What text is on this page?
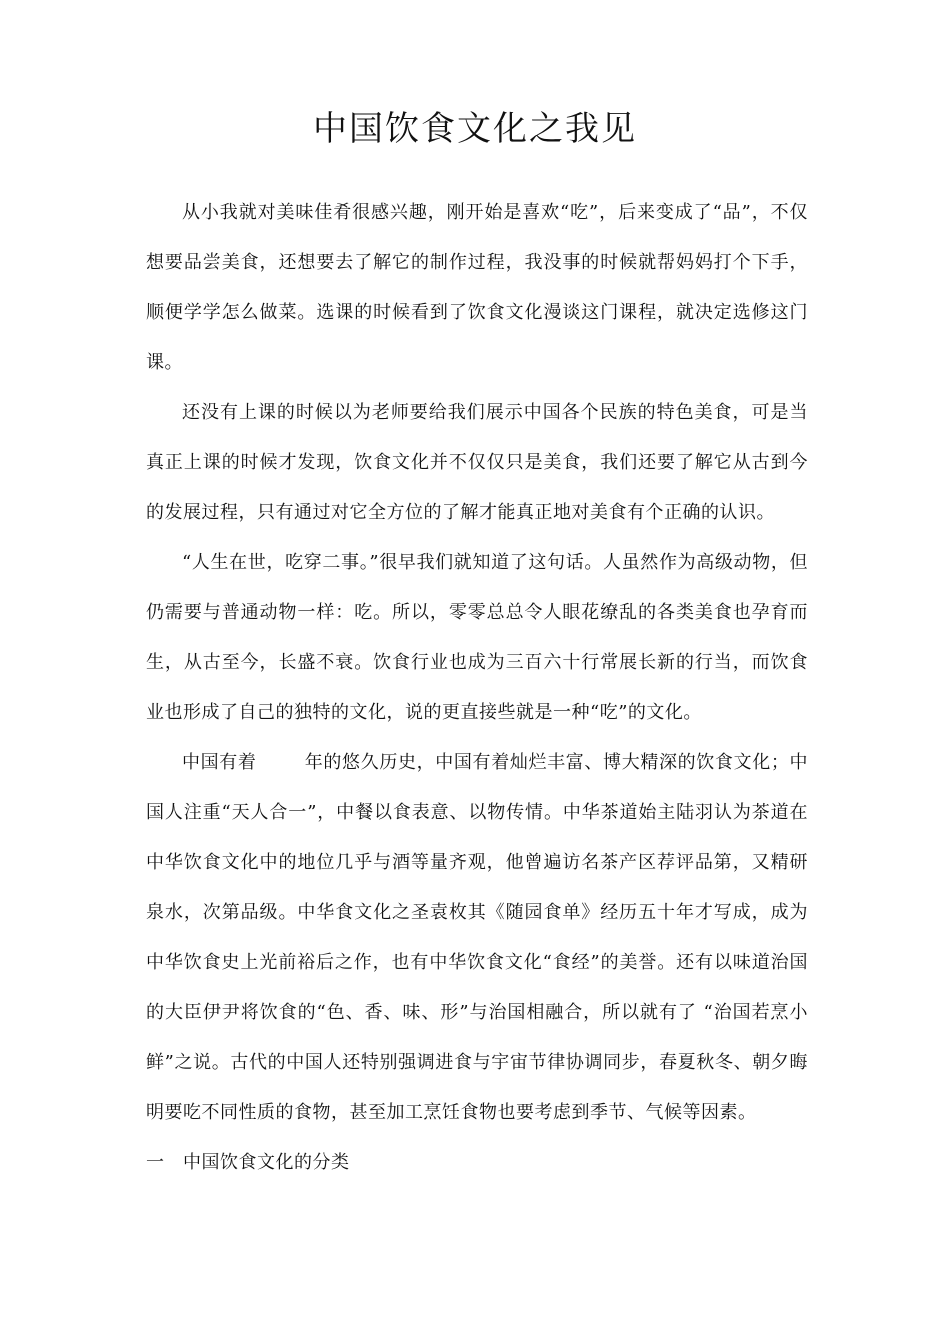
中国饮食文化之我见

从小我就对美味佳肴很感兴趣，刚开始是喜欢“吃”，后来变成了“品”，不仅想要品尝美食，还想要去了解它的制作过程，我没事的时候就帮妈妈打个下手，顺便学学怎么做菜。选课的时候看到了饮食文化漫谈这门课程，就决定选修这门课。

还没有上课的时候以为老师要给我们展示中国各个民族的特色美食，可是当真正上课的时候才发现，饮食文化并不仅仅只是美食，我们还要了解它从古到今的发展过程，只有通过对它全方位的了解才能真正地对美食有个正确的认识。

“人生在世，吃穿二事。”很早我们就知道了这句话。人虽然作为高级动物，但仍需要与普通动物一样：吃。所以，零零总总令人眼花缭乱的各类美食也孕育而生，从古至今，长盛不衰。饮食行业也成为三百六十行常展长新的行当，而饮食业也形成了自己的独特的文化，说的更直接些就是一种“吃”的文化。

中国有着	年的悠久历史，中国有着灿烂丰富、博大精深的饮食文化；中国人注重“天人合一”，中餐以食表意、以物传情。中华茶道始主陆羽认为茶道在中华饮食文化中的地位几乎与酒等量齐观，他曾遍访名茶产区荐评品第，又精研泉水，次第品级。中华食文化之圣袁枚其《随园食单》经历五十年才写成，成为中华饮食史上光前裕后之作，也有中华饮食文化“食经”的美誉。还有以味道治国的大臣伊尹将饮食的“色、香、味、形”与治国相融合，所以就有了 “治国若烹小鲜”之说。古代的中国人还特别强调进食与宇宙节律协调同步，春夏秋冬、朝夕晦明要吃不同性质的食物，甚至加工烹饪食物也要考虑到季节、气候等因素。

一　中国饮食文化的分类
